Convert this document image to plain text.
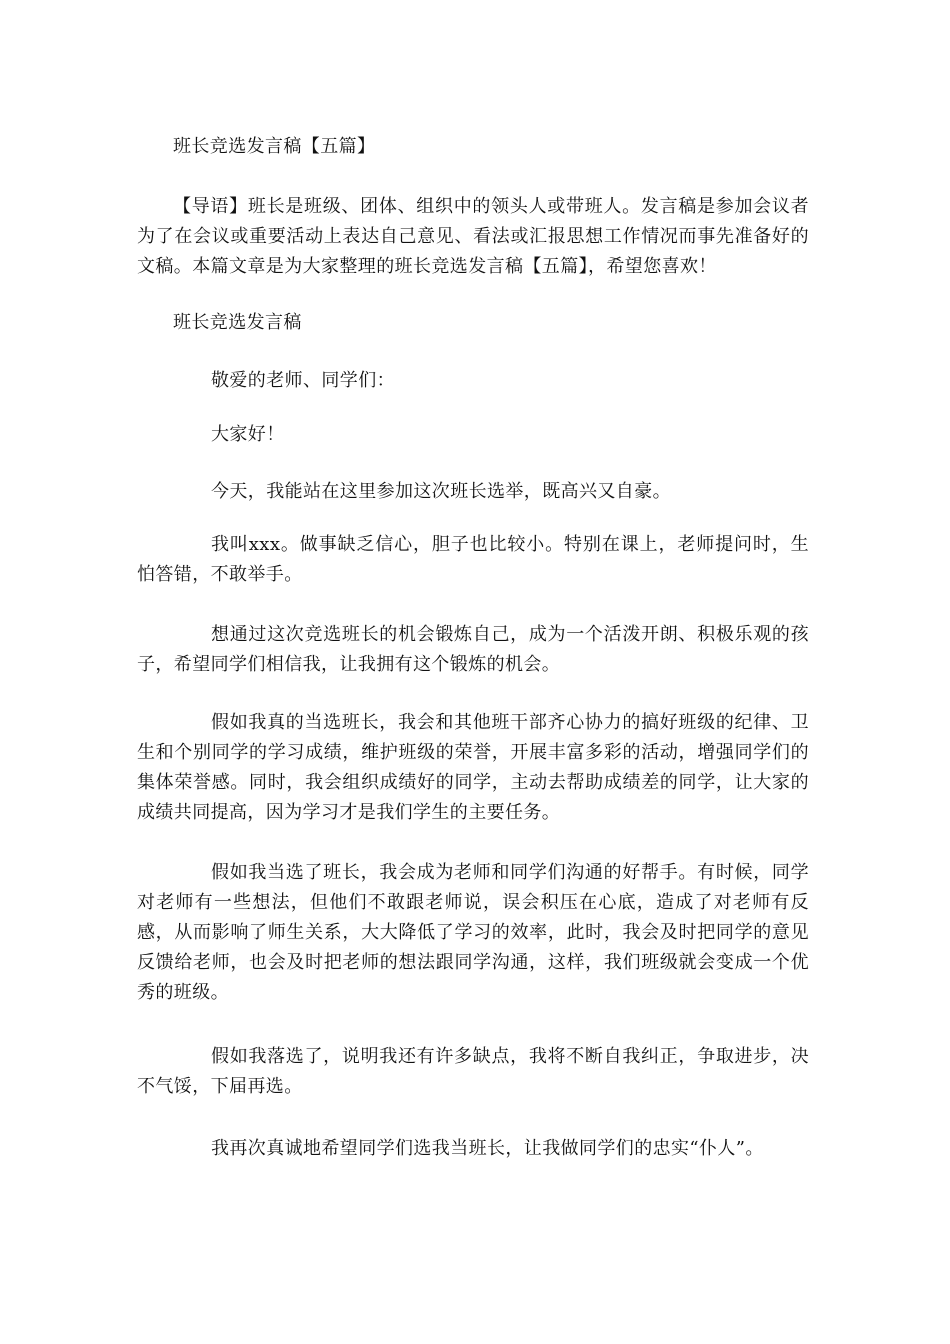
班长竞选发言稿【五篇】

【导语】班长是班级、团体、组织中的领头人或带班人。发言稿是参加会议者为了在会议或重要活动上表达自己意见、看法或汇报思想工作情况而事先准备好的文稿。本篇文章是为大家整理的班长竞选发言稿【五篇】，希望您喜欢！

班长竞选发言稿

敬爱的老师、同学们：

大家好！

今天，我能站在这里参加这次班长选举，既高兴又自豪。

我叫xxx。做事缺乏信心，胆子也比较小。特别在课上，老师提问时，生怕答错，不敢举手。

想通过这次竞选班长的机会锻炼自己，成为一个活泼开朗、积极乐观的孩子，希望同学们相信我，让我拥有这个锻炼的机会。

假如我真的当选班长，我会和其他班干部齐心协力的搞好班级的纪律、卫生和个别同学的学习成绩，维护班级的荣誉，开展丰富多彩的活动，增强同学们的集体荣誉感。同时，我会组织成绩好的同学，主动去帮助成绩差的同学，让大家的成绩共同提高，因为学习才是我们学生的主要任务。

假如我当选了班长，我会成为老师和同学们沟通的好帮手。有时候，同学对老师有一些想法，但他们不敢跟老师说，误会积压在心底，造成了对老师有反感，从而影响了师生关系，大大降低了学习的效率，此时，我会及时把同学的意见反馈给老师，也会及时把老师的想法跟同学沟通，这样，我们班级就会变成一个优秀的班级。

假如我落选了，说明我还有许多缺点，我将不断自我纠正，争取进步，决不气馁，下届再选。

我再次真诚地希望同学们选我当班长，让我做同学们的忠实“仆人”。
